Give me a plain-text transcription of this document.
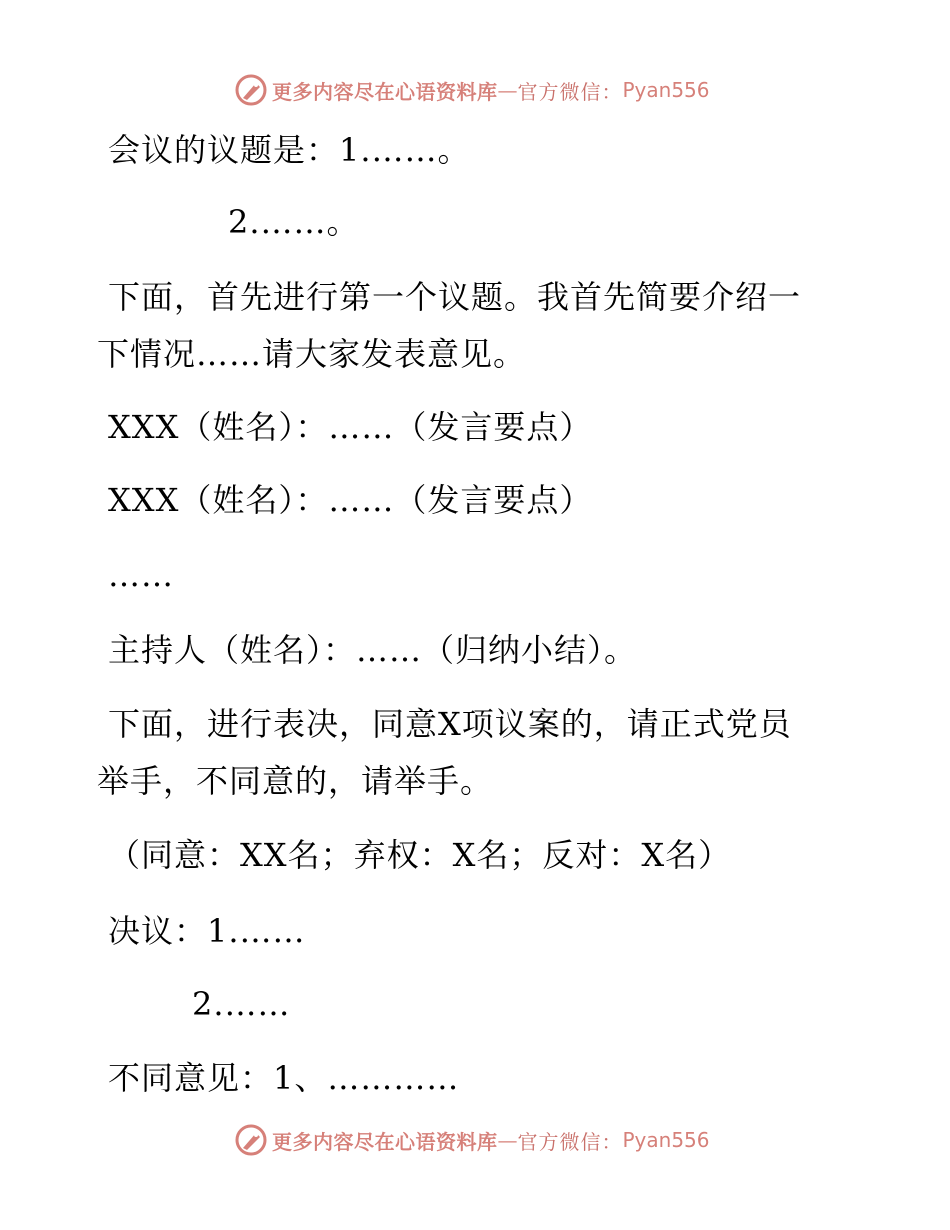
更多内容尽在心语资料库 — 官方微信： Pyan556

会议的议题是：1.……。

2.……。

下面，首先进行第一个议题。我首先简要介绍一

下情况……请大家发表意见。

XXX（姓名）：……（发言要点）

XXX（姓名）：……（发言要点）

……

主持人（姓名）：……（归纳小结）。

下面，进行表决，同意X项议案的，请正式党员

举手，不同意的，请举手。

（同意：XX名；弃权：X名；反对：X名）

决议：1.……

2.……

不同意见：1、…………

更多内容尽在心语资料库 — 官方微信： Pyan556
